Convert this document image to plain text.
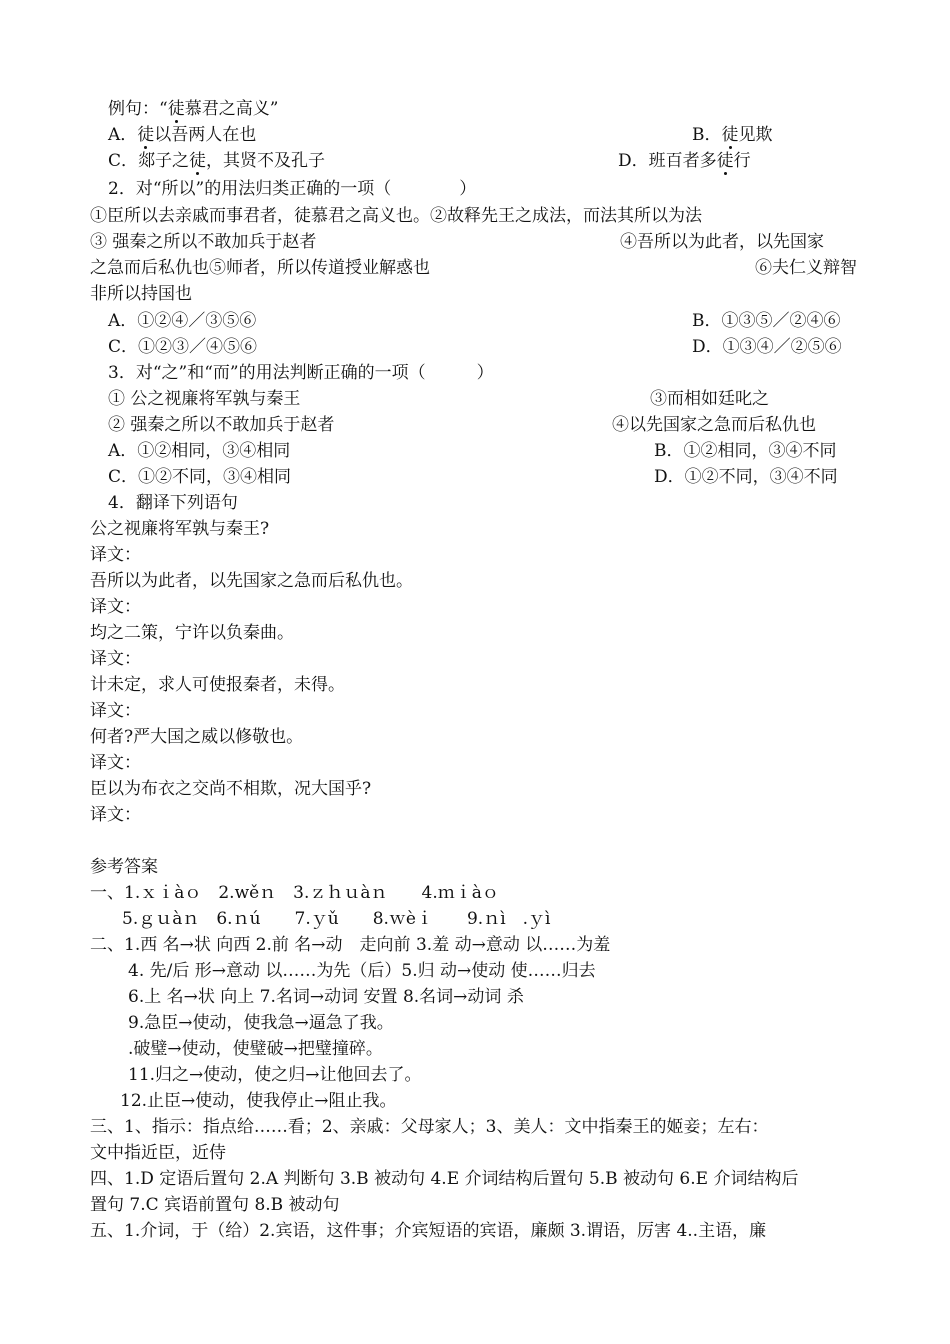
例句：“徒慕君之高义”
A．徒以吾两人在也	B．徒见欺
C．郯子之徒，其贤不及孔子	D．班百者多徒行
2．对“所以”的用法归类正确的一项（　　　　）
①臣所以去亲戚而事君者，徒慕君之高义也。②故释先王之成法，而法其所以为法
③ 强秦之所以不敢加兵于赵者	④吾所以为此者，以先国家
之急而后私仇也⑤师者，所以传道授业解惑也	⑥夫仁义辩智
非所以持国也
A．①②④／③⑤⑥	B．①③⑤／②④⑥
C．①②③／④⑤⑥	D．①③④／②⑤⑥
3．对“之”和“而”的用法判断正确的一项（　　　）
① 公之视廉将军孰与秦王	③而相如廷叱之
② 强秦之所以不敢加兵于赵者	④以先国家之急而后私仇也
A．①②相同，③④相同	B．①②相同，③④不同
C．①②不同，③④相同	D．①②不同，③④不同
4．翻译下列语句
公之视廉将军孰与秦王?
译文：
吾所以为此者，以先国家之急而后私仇也。
译文：
均之二策，宁许以负秦曲。
译文：
计未定，求人可使报秦者，未得。
译文：
何者?严大国之威以修敬也。
译文：
臣以为布衣之交尚不相欺，况大国乎?
译文：
参考答案
一、1.ｘｉàｏ　2.wěｎ　3.ｚｈｕàｎ　　4.ｍｉàｏ
5.ｇｕàｎ　6.ｎú　　7.ｙǔ　　8.ｗèｉ　　9.ｎì　.ｙì
二、1.西 名→状 向西 2.前 名→动　走向前 3.羞 动→意动 以……为羞
4. 先/后 形→意动 以……为先（后）5.归 动→使动 使……归去
6.上 名→状 向上 7.名词→动词 安置 8.名词→动词 杀
9.急臣→使动，使我急→逼急了我。
.破璧→使动，使璧破→把璧撞碎。
11.归之→使动，使之归→让他回去了。
12.止臣→使动，使我停止→阻止我。
三、1、指示：指点给……看；2、亲戚：父母家人；3、美人：文中指秦王的姬妾；左右：
文中指近臣，近侍
四、1.D 定语后置句 2.A 判断句 3.B 被动句 4.E 介词结构后置句 5.B 被动句 6.E 介词结构后
置句 7.C 宾语前置句 8.B 被动句
五、1.介词，于（给）2.宾语，这件事；介宾短语的宾语，廉颇 3.谓语，厉害 4..主语，廉
